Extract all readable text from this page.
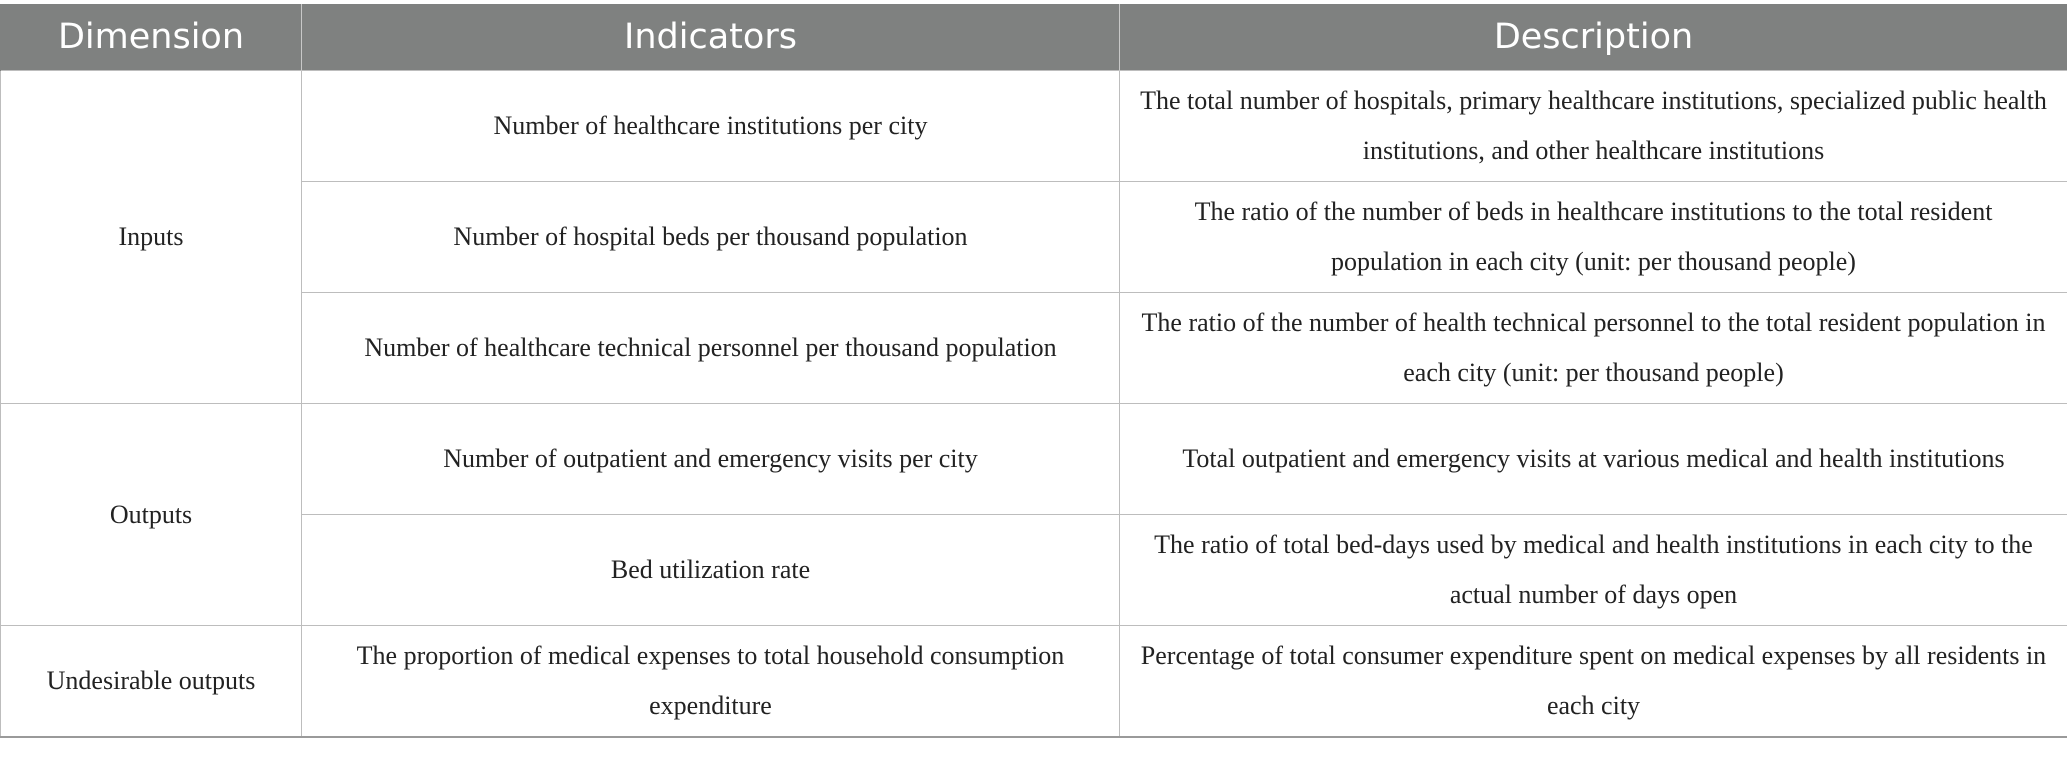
Dimension	Indicators	Description
Inputs	Number of healthcare institutions per city	The total number of hospitals, primary healthcare institutions, specialized public health institutions, and other healthcare institutions
	Number of hospital beds per thousand population	The ratio of the number of beds in healthcare institutions to the total resident population in each city (unit: per thousand people)
	Number of healthcare technical personnel per thousand population	The ratio of the number of health technical personnel to the total resident population in each city (unit: per thousand people)
Outputs	Number of outpatient and emergency visits per city	Total outpatient and emergency visits at various medical and health institutions
	Bed utilization rate	The ratio of total bed-days used by medical and health institutions in each city to the actual number of days open
Undesirable outputs	The proportion of medical expenses to total household consumption expenditure	Percentage of total consumer expenditure spent on medical expenses by all residents in each city
